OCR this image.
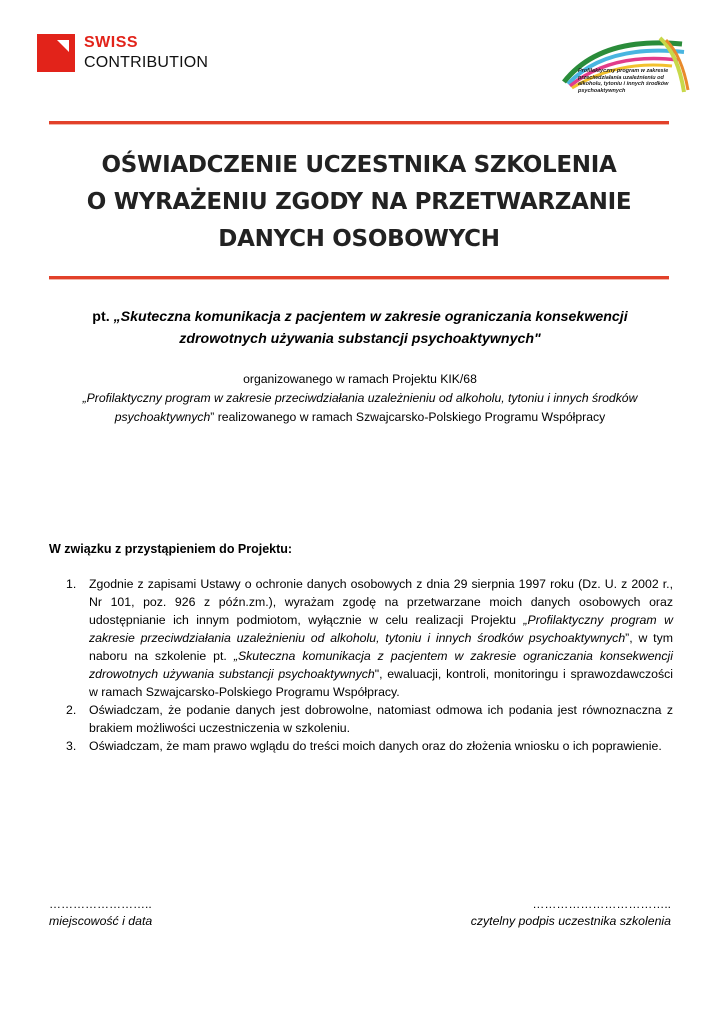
SWISS
CONTRIBUTION	Profilaktyczny program w zakresie przeciwdziałania uzależnieniu od alkoholu, tytoniu i innych środków psychoaktywnych
OŚWIADCZENIE UCZESTNIKA SZKOLENIA
O WYRAŻENIU ZGODY NA PRZETWARZANIE
DANYCH OSOBOWYCH
pt. „Skuteczna komunikacja z pacjentem w zakresie ograniczania konsekwencji
zdrowotnych używania substancji psychoaktywnych"
organizowanego w ramach Projektu KIK/68
„Profilaktyczny program w zakresie przeciwdziałania uzależnieniu od alkoholu, tytoniu i innych środków
psychoaktywnych” realizowanego w ramach Szwajcarsko-Polskiego Programu Współpracy
W związku z przystąpieniem do Projektu:
1. Zgodnie z zapisami Ustawy o ochronie danych osobowych z dnia 29 sierpnia 1997 roku (Dz. U. z 2002 r., Nr 101, poz. 926 z późn.zm.), wyrażam zgodę na przetwarzane moich danych osobowych oraz udostępnianie ich innym podmiotom, wyłącznie w celu realizacji Projektu „Profilaktyczny program w zakresie przeciwdziałania uzależnieniu od alkoholu, tytoniu i innych środków psychoaktywnych”, w tym naboru na szkolenie pt. „Skuteczna komunikacja z pacjentem w zakresie ograniczania konsekwencji zdrowotnych używania substancji psychoaktywnych", ewaluacji, kontroli, monitoringu i sprawozdawczości w ramach Szwajcarsko-Polskiego Programu Współpracy.
2. Oświadczam, że podanie danych jest dobrowolne, natomiast odmowa ich podania jest równoznaczna z brakiem możliwości uczestniczenia w szkoleniu.
3. Oświadczam, że mam prawo wglądu do treści moich danych oraz do złożenia wniosku o ich poprawienie.
……………………..	……………………………..
miejscowość i data	czytelny podpis uczestnika szkolenia
